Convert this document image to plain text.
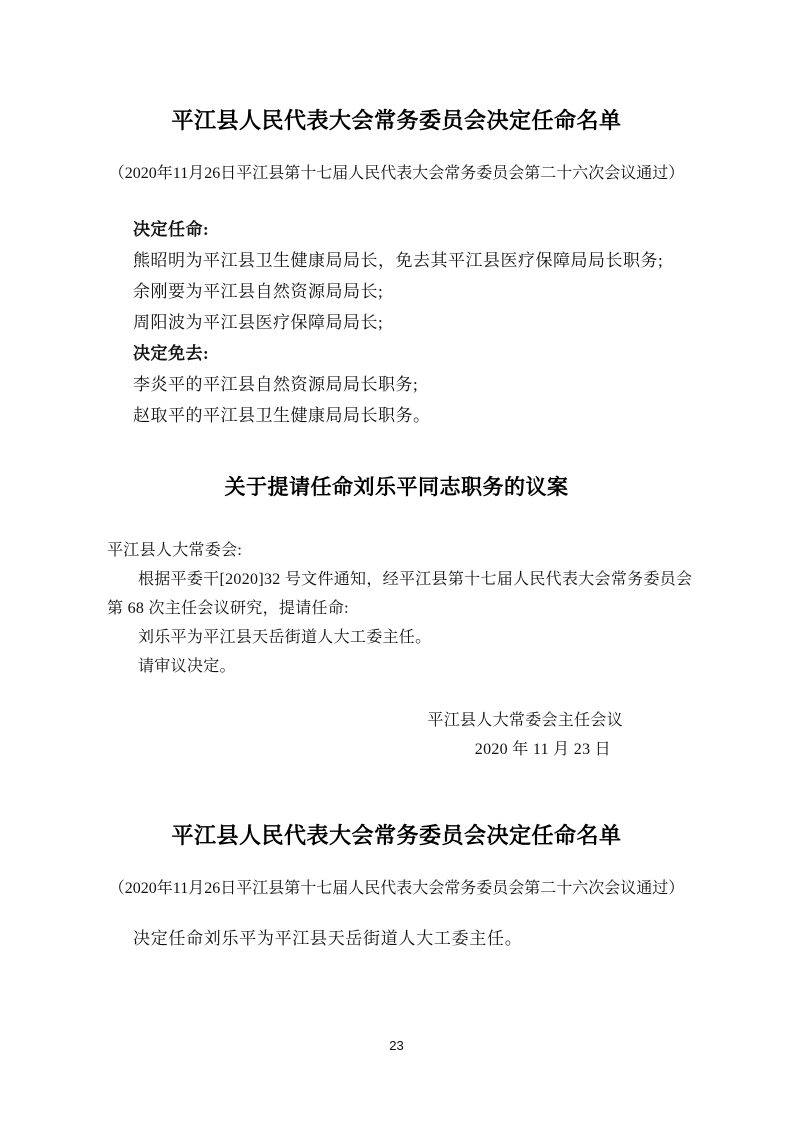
平江县人民代表大会常务委员会决定任命名单
（2020年11月26日平江县第十七届人民代表大会常务委员会第二十六次会议通过）
决定任命:
熊昭明为平江县卫生健康局局长，免去其平江县医疗保障局局长职务;
余刚要为平江县自然资源局局长;
周阳波为平江县医疗保障局局长;
决定免去:
李炎平的平江县自然资源局局长职务;
赵取平的平江县卫生健康局局长职务。
关于提请任命刘乐平同志职务的议案
平江县人大常委会:
根据平委干[2020]32 号文件通知，经平江县第十七届人民代表大会常务委员会
第 68 次主任会议研究，提请任命:
刘乐平为平江县天岳街道人大工委主任。
请审议决定。
平江县人大常委会主任会议
2020 年 11 月 23 日
平江县人民代表大会常务委员会决定任命名单
（2020年11月26日平江县第十七届人民代表大会常务委员会第二十六次会议通过）
决定任命刘乐平为平江县天岳街道人大工委主任。
23
